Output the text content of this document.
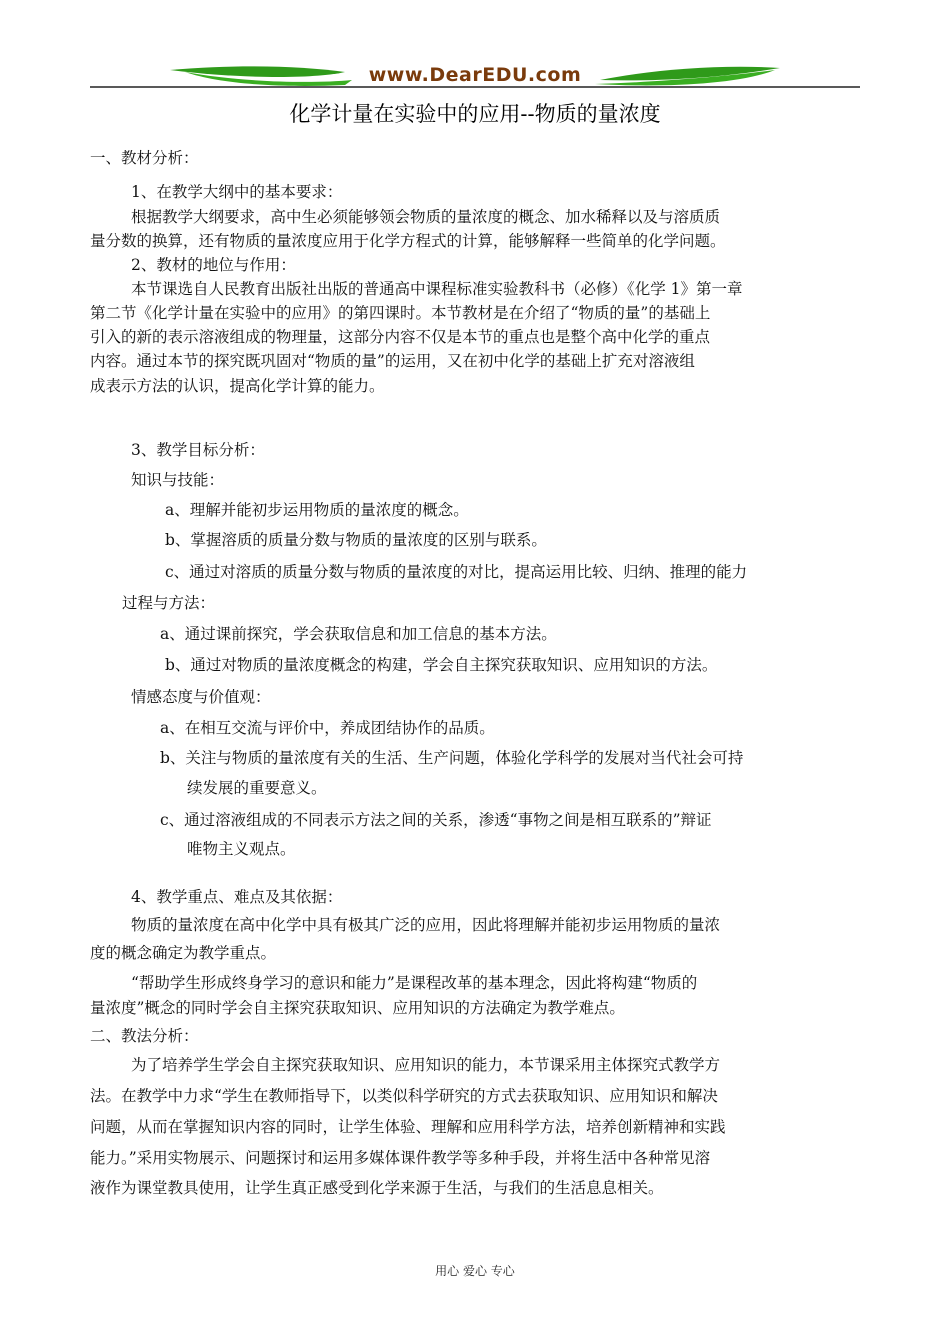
www.DearEDU.com
化学计量在实验中的应用--物质的量浓度
一、教材分析：
1、在教学大纲中的基本要求：
根据教学大纲要求，高中生必须能够领会物质的量浓度的概念、加水稀释以及与溶质质
量分数的换算，还有物质的量浓度应用于化学方程式的计算，能够解释一些简单的化学问题。
2、教材的地位与作用：
本节课选自人民教育出版社出版的普通高中课程标准实验教科书（必修）《化学 1》第一章
第二节《化学计量在实验中的应用》的第四课时。本节教材是在介绍了“物质的量”的基础上
引入的新的表示溶液组成的物理量，这部分内容不仅是本节的重点也是整个高中化学的重点
内容。通过本节的探究既巩固对“物质的量”的运用，又在初中化学的基础上扩充对溶液组
成表示方法的认识，提高化学计算的能力。
3、教学目标分析：
知识与技能：
a、理解并能初步运用物质的量浓度的概念。
b、掌握溶质的质量分数与物质的量浓度的区别与联系。
c、通过对溶质的质量分数与物质的量浓度的对比，提高运用比较、归纳、推理的能力
过程与方法：
a、通过课前探究，学会获取信息和加工信息的基本方法。
b、通过对物质的量浓度概念的构建，学会自主探究获取知识、应用知识的方法。
情感态度与价值观：
a、在相互交流与评价中，养成团结协作的品质。
b、关注与物质的量浓度有关的生活、生产问题，体验化学科学的发展对当代社会可持
续发展的重要意义。
c、通过溶液组成的不同表示方法之间的关系，渗透“事物之间是相互联系的”辩证
唯物主义观点。
4、教学重点、难点及其依据：
物质的量浓度在高中化学中具有极其广泛的应用，因此将理解并能初步运用物质的量浓
度的概念确定为教学重点。
“帮助学生形成终身学习的意识和能力”是课程改革的基本理念，因此将构建“物质的
量浓度”概念的同时学会自主探究获取知识、应用知识的方法确定为教学难点。
二、教法分析：
为了培养学生学会自主探究获取知识、应用知识的能力，本节课采用主体探究式教学方
法。在教学中力求“学生在教师指导下，以类似科学研究的方式去获取知识、应用知识和解决
问题，从而在掌握知识内容的同时，让学生体验、理解和应用科学方法，培养创新精神和实践
能力。”采用实物展示、问题探讨和运用多媒体课件教学等多种手段，并将生活中各种常见溶
液作为课堂教具使用，让学生真正感受到化学来源于生活，与我们的生活息息相关。
用心 爱心 专心
